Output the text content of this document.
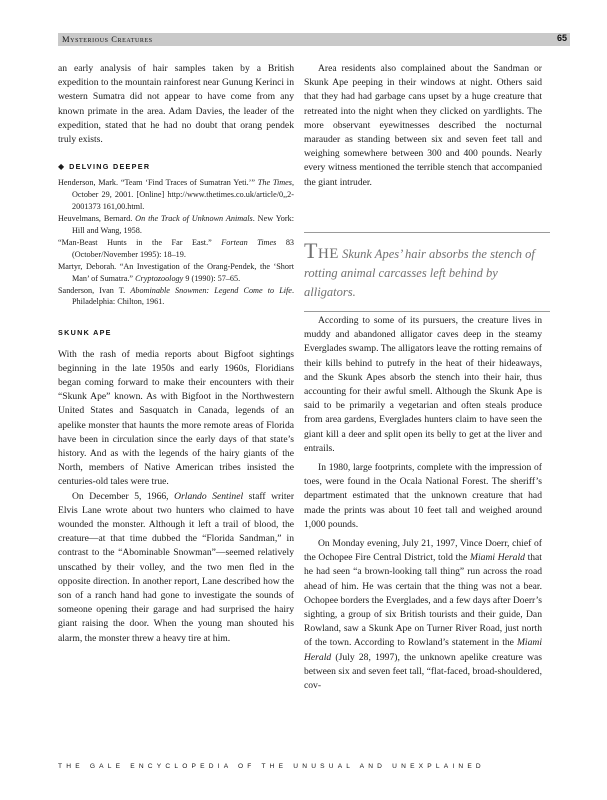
Mysterious Creatures	65

an early analysis of hair samples taken by a British expedition to the mountain rainforest near Gunung Kerinci in western Sumatra did not appear to have come from any known primate in the area. Adam Davies, the leader of the expedition, stated that he had no doubt that orang pendek truly exists.

◆ DELVING DEEPER

Henderson, Mark. “Team ‘Find Traces of Sumatran Yeti.’” The Times, October 29, 2001. [Online] http://www.thetimes.co.uk/article/0,,2-2001373 161,00.html.

Heuvelmans, Bernard. On the Track of Unknown Animals. New York: Hill and Wang, 1958.

“Man-Beast Hunts in the Far East.” Fortean Times 83 (October/November 1995): 18–19.

Martyr, Deborah. “An Investigation of the Orang-Pendek, the ‘Short Man’ of Sumatra.” Cryptozoology 9 (1990): 57–65.

Sanderson, Ivan T. Abominable Snowmen: Legend Come to Life. Philadelphia: Chilton, 1961.

SKUNK APE

With the rash of media reports about Bigfoot sightings beginning in the late 1950s and early 1960s, Floridians began coming forward to make their encounters with their “Skunk Ape” known. As with Bigfoot in the Northwestern United States and Sasquatch in Canada, legends of an apelike monster that haunts the more remote areas of Florida have been in circulation since the early days of that state’s history. And as with the legends of the hairy giants of the North, members of Native American tribes insisted the centuries-old tales were true.

On December 5, 1966, Orlando Sentinel staff writer Elvis Lane wrote about two hunters who claimed to have wounded the monster. Although it left a trail of blood, the creature—at that time dubbed the “Florida Sandman,” in contrast to the “Abominable Snowman”—seemed relatively unscathed by their volley, and the two men fled in the opposite direction. In another report, Lane described how the son of a ranch hand had gone to investigate the sounds of someone opening their garage and had surprised the hairy giant raising the door. When the young man shouted his alarm, the monster threw a heavy tire at him.

Area residents also complained about the Sandman or Skunk Ape peeping in their windows at night. Others said that they had had garbage cans upset by a huge creature that retreated into the night when they clicked on yardlights. The more observant eyewitnesses described the nocturnal marauder as standing between six and seven feet tall and weighing somewhere between 300 and 400 pounds. Nearly every witness mentioned the terrible stench that accompanied the giant intruder.

The Skunk Apes’ hair absorbs the stench of rotting animal carcasses left behind by alligators.

According to some of its pursuers, the creature lives in muddy and abandoned alligator caves deep in the steamy Everglades swamp. The alligators leave the rotting remains of their kills behind to putrefy in the heat of their hideaways, and the Skunk Apes absorb the stench into their hair, thus accounting for their awful smell. Although the Skunk Ape is said to be primarily a vegetarian and often steals produce from area gardens, Everglades hunters claim to have seen the giant kill a deer and split open its belly to get at the liver and entrails.

In 1980, large footprints, complete with the impression of toes, were found in the Ocala National Forest. The sheriff’s department estimated that the unknown creature that had made the prints was about 10 feet tall and weighed around 1,000 pounds.

On Monday evening, July 21, 1997, Vince Doerr, chief of the Ochopee Fire Central District, told the Miami Herald that he had seen “a brown-looking tall thing” run across the road ahead of him. He was certain that the thing was not a bear. Ochopee borders the Everglades, and a few days after Doerr’s sighting, a group of six British tourists and their guide, Dan Rowland, saw a Skunk Ape on Turner River Road, just north of the town. According to Rowland’s statement in the Miami Herald (July 28, 1997), the unknown apelike creature was between six and seven feet tall, “flat-faced, broad-shouldered, cov-

THE GALE ENCYCLOPEDIA OF THE UNUSUAL AND UNEXPLAINED
